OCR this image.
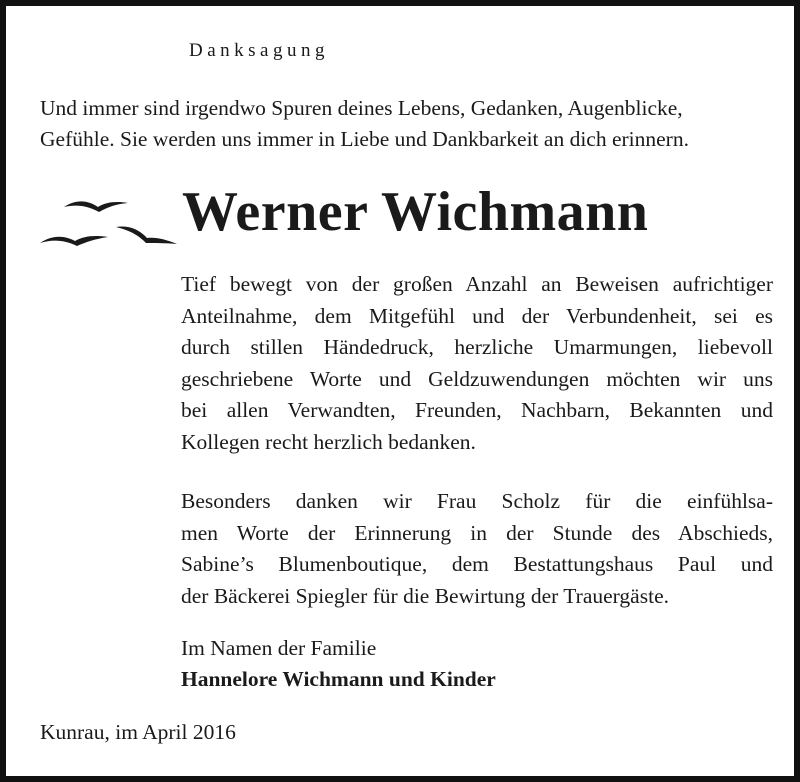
Danksagung
Und immer sind irgendwo Spuren deines Lebens, Gedanken, Augenblicke,
Gefühle. Sie werden uns immer in Liebe und Dankbarkeit an dich erinnern.
Werner Wichmann
Tief bewegt von der großen Anzahl an Beweisen aufrichtiger
Anteilnahme, dem Mitgefühl und der Verbundenheit, sei es
durch stillen Händedruck, herzliche Umarmungen, liebevoll
geschriebene Worte und Geldzuwendungen möchten wir uns
bei allen Verwandten, Freunden, Nachbarn, Bekannten und
Kollegen recht herzlich bedanken.
Besonders danken wir Frau Scholz für die einfühlsa-
men Worte der Erinnerung in der Stunde des Abschieds,
Sabine’s Blumenboutique, dem Bestattungshaus Paul und
der Bäckerei Spiegler für die Bewirtung der Trauergäste.
Im Namen der Familie
Hannelore Wichmann und Kinder
Kunrau, im April 2016
